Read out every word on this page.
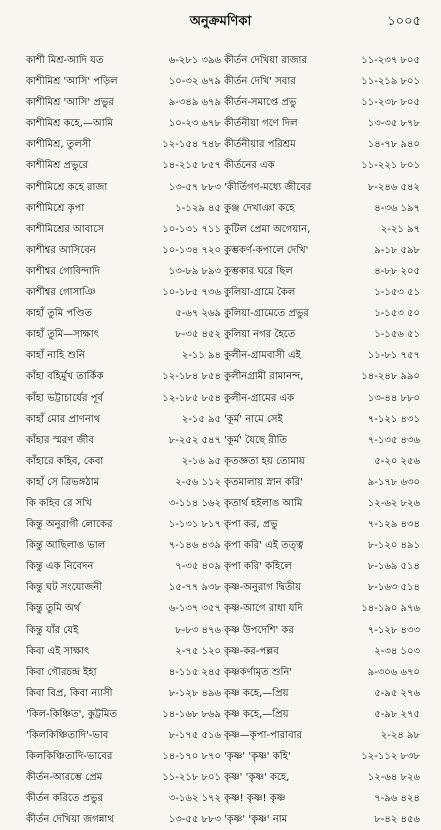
অনুক্রমণিকা	১০০৫
কাশী মিশ্র-আদি যত	৬-২৮১ ৩৯৬
কাশীমিশ্র 'আসি' পড়িল	১০-৩২ ৬৭৯
কাশীমিশ্র 'আসি' প্রভুর	৯-৩৪৯ ৬৭৯
কাশীমিশ্র কহে,—আমি	১০-২৩ ৬৭৮
কাশীমিশ্র, তুলসী	১২-১৫৪ ৭৪৮
কাশীমিশ্র প্রভুরে	১৪-২১৫ ৮৫৭
কাশীমিশ্রে কহে রাজা	১৩-৫৭ ৮৮৩
কাশীমিশ্রে কৃপা	১-১২৯ ৪৫
কাশীমিশ্রের আবাসে	১০-১৩১ ৭১১
কাশীশ্বর আসিবেন	১০-১৩৪ ৭২০
কাশীশ্বর গোবিন্দাদি	১৩-৮৯ ৮৯৩
কাশীশ্বর গোসাঞি	১০-১৮৫ ৭৩৬
কাহাঁ তুমি পণ্ডিত	৫-৬৭ ২৬৯
কাহাঁ তুমি—সাক্ষাৎ	৮-৩৫ ৪৫২
কাহাঁ নাহি শুনি	২-১১ ৯৪
কাঁহা বহির্মুখ তার্কিক	১২-১৮৪ ৮৫৪
কাঁহা ভট্টাচার্যের পূর্ব	১২-১৮৫ ৮৫৪
কাহাঁ মোর প্রাণনাথ	২-১৫ ৯৫
কাঁহার স্মরণ জীব	৮-২৫২ ৫৪৭
কাঁহারে কহিব, কেবা	২-১৬ ৯৫
কাহাঁ সে ত্রিভঙ্গঠাম	২-৫৬ ১১২
কি কহিব রে সখি	৩-১১৪ ১৬২
কিন্তু অনুরাগী লোকের	১-১৩১ ৮১৭
কিন্তু আছিলাঙ ভাল	৭-১৪৬ ৪৩৯
কিন্তু এক নিবেদন	৭-৩৫ ৪০৯
কিন্তু ঘট সংযোজনী	১৫-৭৭ ৯৩৮
কিন্তু তুমি অর্থ	৬-১৩৭ ৩৫৭
কিন্তু যাঁর যেই	৮-৮৩ ৪৭৬
কিবা এই সাক্ষাৎ	২-৭৫ ১২০
কিবা গৌরচন্দ্র ইহা	৪-১১৫ ২৪৫
কিবা বিপ্র, কিবা ন্যাসী	৮-১২৮ ৪৯৬
'কিল-কিঞ্চিত', কুট্টমিত	১৪-১৬৮ ৮৬৯
'কিলকিঞ্চিতাদি'-ভাব	৮-১৭৫ ৫১৬
কিলকিঞ্চিতাদি-ভাবের	১৪-১৭০ ৮৭০
কীর্তন-আরম্ভে প্রেম	১১-২১৮ ৮০১
কীর্তন করিতে প্রভুর	৩-১৬২ ১৭২
কীর্তন দেখিয়া জগন্নাথ	১৩-৫৫ ৮৮৩
কীর্তন দেখিয়া রাজার	১১-২৩৭ ৮০৫
কীর্তন দেখি' সবার	১১-২১৯ ৮০১
কীর্তন-সমাপ্তে প্রভু	১১-২৩৮ ৮০৫
কীর্তনীয়া গণে দিল	১৩-৩৫ ৮৭৮
কীর্তনীয়ার পরিশ্রম	১৪-৭৮ ৯৪০
কীর্তনের এক	১১-২২১ ৮০১
'কীর্তিগণ-মধ্যে জীবের	৮-২৪৬ ৫৪২
কুঞ্জ দেখাঞা কহে	৪-৩৬ ১৯৭
কুটিল প্রেমা অগেয়ান,	২-২১ ৯৭
কুম্ভকর্ণ-কপালে দেখি'	৯-১৮ ৫৯৮
কুম্ভকার ঘরে ছিল	৪-৮৮ ২০৫
কুলিয়া-গ্রামে কৈল	১-১৫৩ ৫১
কুলিয়া-গ্রামেতে প্রভুর	১-১৫৩ ৫০
কুলিয়া নগর হৈতে	১-১৫৬ ৫১
কুলীন-গ্রামবাসী এই	১১-৮১ ৭৫৭
কুলীনগ্রামী রামানন্দ,	১৪-২৪৮ ৯৯০
কুলীন-গ্রামের এক	১৩-৪৪ ৮৮০
'কূর্ম' নামে সেই	৭-১২১ ৪৩১
'কূর্ম' যৈছে রীতি	৭-১৩৫ ৪৩৬
কৃতজ্ঞতা হয় তোমায়	৫-২০ ২৫৬
কৃতমালায় স্নান করি'	৯-১৭৮ ৬৩০
কৃতার্থ হইলাঙ আমি	১২-৬২ ৮২৬
কৃপা কর, প্রভু	৭-১২৯ ৪৩৪
কৃপা করি' এই তত্ত্ব	৮-১২০ ৪৯১
কৃপা করি' কহিলে	৮-১৬৯ ৫১৪
কৃষ্ণ-অনুরাগ দ্বিতীয়	৮-১৬৩ ৫১৪
কৃষ্ণ-আগে রাধা যদি	১৪-১৯০ ৯৭৬
কৃষ্ণ উপদেশি' কর	৭-১২৮ ৪৩৩
কৃষ্ণ-কর-পল্লব	২-৩৪ ১০৩
কৃষ্ণকর্ণামৃত শুনি'	৯-৩০৬ ৬৭০
কৃষ্ণ কহে,—প্রিয়	৫-৯৫ ২৭৬
কৃষ্ণ কহে,—প্রিয়	৫-৯৮ ২৭৫
কৃষ্ণ—কৃপা-পারাবার	২-২৪ ৯৮
'কৃষ্ণ' 'কৃষ্ণ' কহি'	১২-১১২ ৮৩৮
কৃষ্ণ' 'কৃষ্ণ' কহে,	১২-৬৪ ৮২৬
কৃষ্ণ! কৃষ্ণ! কৃষ্ণ	৭-৯৬ ৪২৪
'কৃষ্ণ' 'কৃষ্ণ' নাম	৮-৪২ ৪৫৬
